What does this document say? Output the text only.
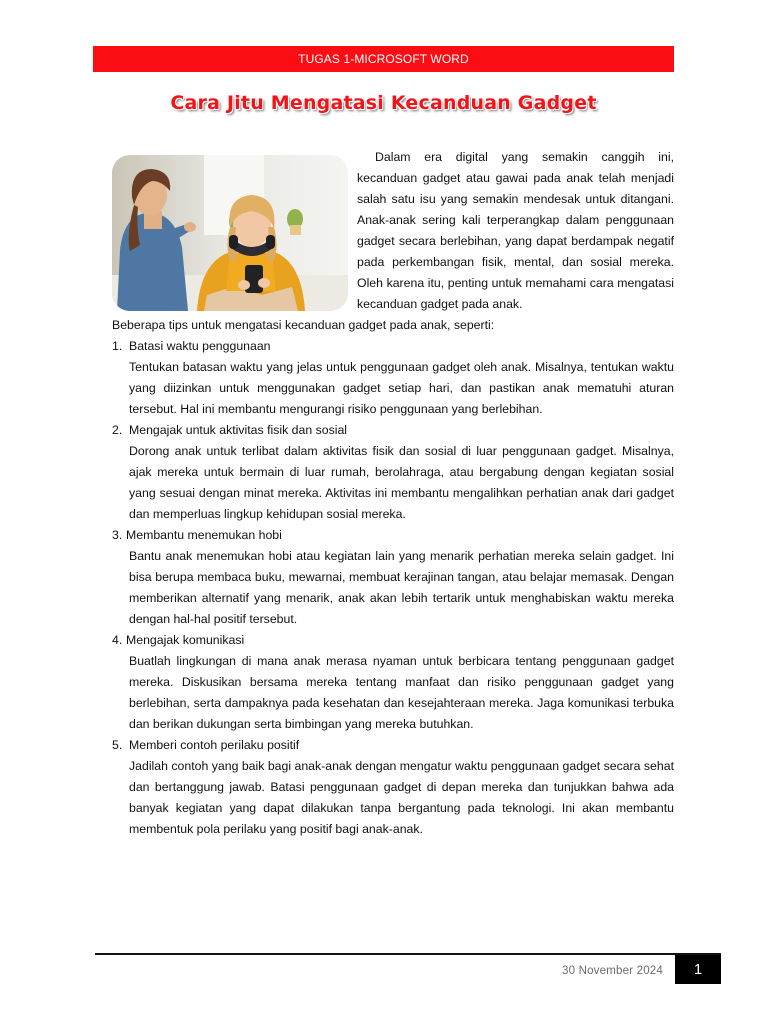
TUGAS 1-MICROSOFT WORD
Cara Jitu Mengatasi Kecanduan Gadget

Dalam era digital yang semakin canggih ini, kecanduan gadget atau gawai pada anak telah menjadi salah satu isu yang semakin mendesak untuk ditangani. Anak-anak sering kali terperangkap dalam penggunaan gadget secara berlebihan, yang dapat berdampak negatif pada perkembangan fisik, mental, dan sosial mereka. Oleh karena itu, penting untuk memahami cara mengatasi kecanduan gadget pada anak.

Beberapa tips untuk mengatasi kecanduan gadget pada anak, seperti:

1. Batasi waktu penggunaan

Tentukan batasan waktu yang jelas untuk penggunaan gadget oleh anak. Misalnya, tentukan waktu yang diizinkan untuk menggunakan gadget setiap hari, dan pastikan anak mematuhi aturan tersebut. Hal ini membantu mengurangi risiko penggunaan yang berlebihan.

2. Mengajak untuk aktivitas fisik dan sosial

Dorong anak untuk terlibat dalam aktivitas fisik dan sosial di luar penggunaan gadget. Misalnya, ajak mereka untuk bermain di luar rumah, berolahraga, atau bergabung dengan kegiatan sosial yang sesuai dengan minat mereka. Aktivitas ini membantu mengalihkan perhatian anak dari gadget dan memperluas lingkup kehidupan sosial mereka.

3. Membantu menemukan hobi

Bantu anak menemukan hobi atau kegiatan lain yang menarik perhatian mereka selain gadget. Ini bisa berupa membaca buku, mewarnai, membuat kerajinan tangan, atau belajar memasak. Dengan memberikan alternatif yang menarik, anak akan lebih tertarik untuk menghabiskan waktu mereka dengan hal-hal positif tersebut.

4. Mengajak komunikasi

Buatlah lingkungan di mana anak merasa nyaman untuk berbicara tentang penggunaan gadget mereka. Diskusikan bersama mereka tentang manfaat dan risiko penggunaan gadget yang berlebihan, serta dampaknya pada kesehatan dan kesejahteraan mereka. Jaga komunikasi terbuka dan berikan dukungan serta bimbingan yang mereka butuhkan.

5. Memberi contoh perilaku positif

Jadilah contoh yang baik bagi anak-anak dengan mengatur waktu penggunaan gadget secara sehat dan bertanggung jawab. Batasi penggunaan gadget di depan mereka dan tunjukkan bahwa ada banyak kegiatan yang dapat dilakukan tanpa bergantung pada teknologi. Ini akan membantu membentuk pola perilaku yang positif bagi anak-anak.

30 November 2024	1
